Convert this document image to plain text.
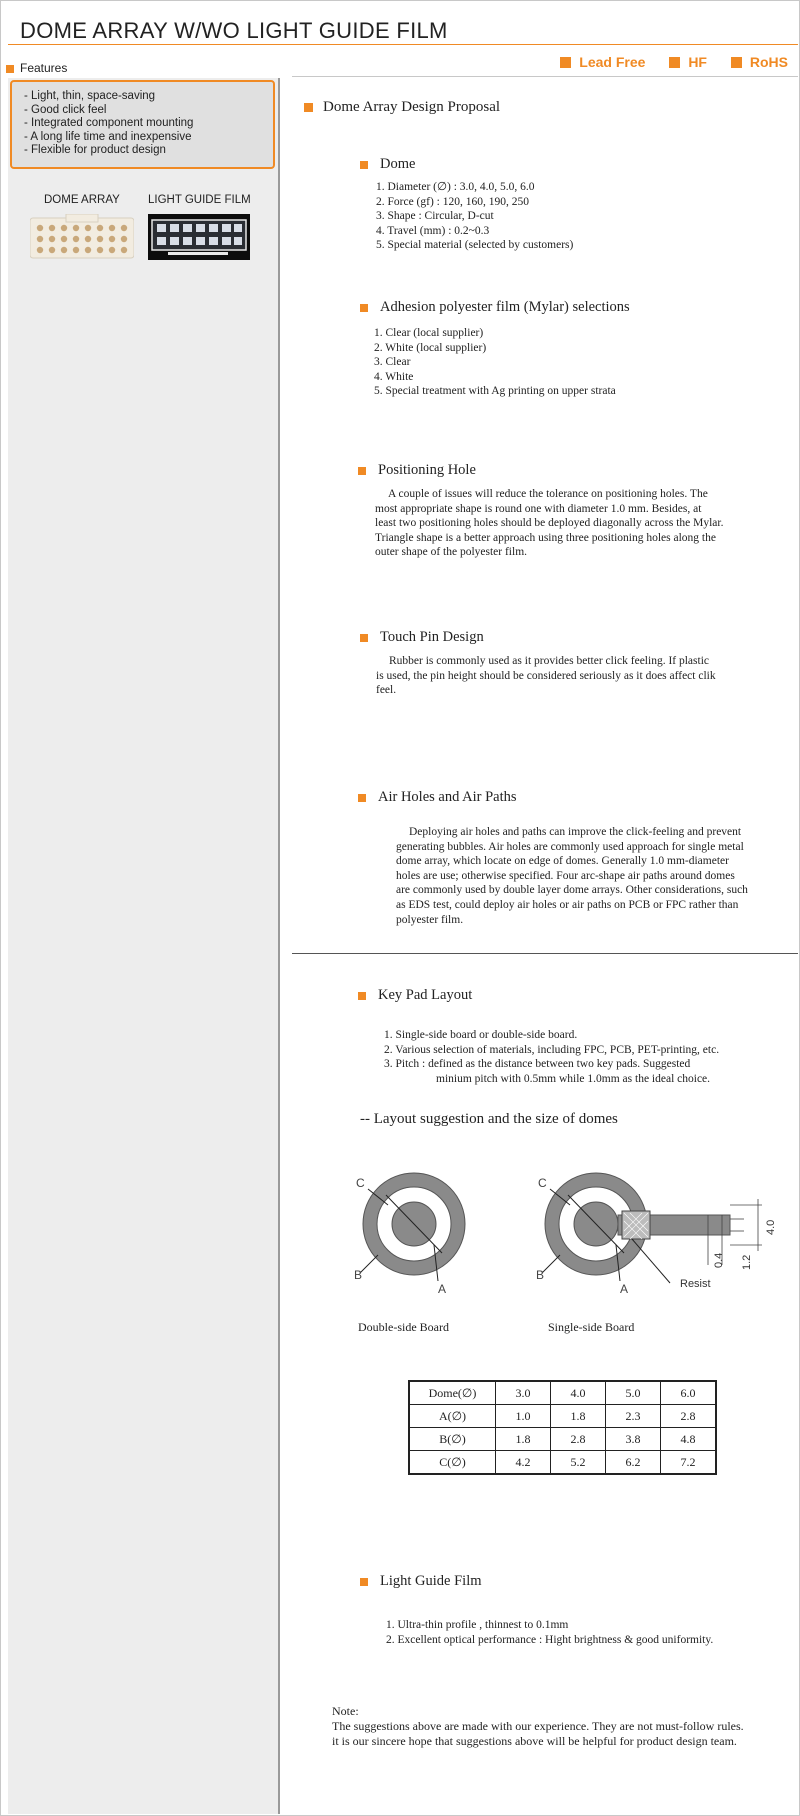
DOME ARRAY W/WO LIGHT GUIDE FILM
Features	Lead Free	HF	RoHS
- Light, thin, space-saving
- Good click feel
- Integrated component mounting
- A long life time and inexpensive
- Flexible for product design
DOME ARRAY LIGHT GUIDE FILM
Dome Array Design Proposal
Dome
1. Diameter (∅) : 3.0, 4.0, 5.0, 6.0
2. Force (gf) : 120, 160, 190, 250
3. Shape : Circular, D-cut
4. Travel (mm) : 0.2~0.3
5. Special material (selected by customers)
Adhesion polyester film (Mylar) selections
1. Clear (local supplier)
2. White (local supplier)
3. Clear
4. White
5. Special treatment with Ag printing on upper strata
Positioning Hole
A couple of issues will reduce the tolerance on positioning holes. The most appropriate shape is round one with diameter 1.0 mm. Besides, at least two positioning holes should be deployed diagonally across the Mylar. Triangle shape is a better approach using three positioning holes along the outer shape of the polyester film.
Touch Pin Design
Rubber is commonly used as it provides better click feeling. If plastic is used, the pin height should be considered seriously as it does affect clik feel.
Air Holes and Air Paths
Deploying air holes and paths can improve the click-feeling and prevent generating bubbles. Air holes are commonly used approach for single metal dome array, which locate on edge of domes. Generally 1.0 mm-diameter holes are use; otherwise specified. Four arc-shape air paths around domes are commonly used by double layer dome arrays. Other considerations, such as EDS test, could deploy air holes or air paths on PCB or FPC rather than polyester film.
Key Pad Layout
1. Single-side board or double-side board.
2. Various selection of materials, including FPC, PCB, PET-printing, etc.
3. Pitch : defined as the distance between two key pads. Suggested
minium pitch with 0.5mm while 1.0mm as the ideal choice.
-- Layout suggestion and the size of domes
C
B
A
Double-side Board
C
B
A	Resist
0.4 1.2
4.0
Single-side Board
Dome(∅)	3.0	4.0	5.0	6.0
A(∅)	1.0	1.8	2.3	2.8
B(∅)	1.8	2.8	3.8	4.8
C(∅)	4.2	5.2	6.2	7.2
Light Guide Film
1. Ultra-thin profile , thinnest to 0.1mm
2. Excellent optical performance : Hight brightness & good uniformity.
Note:
The suggestions above are made with our experience. They are not must-follow rules.
it is our sincere hope that suggestions above will be helpful for product design team.
